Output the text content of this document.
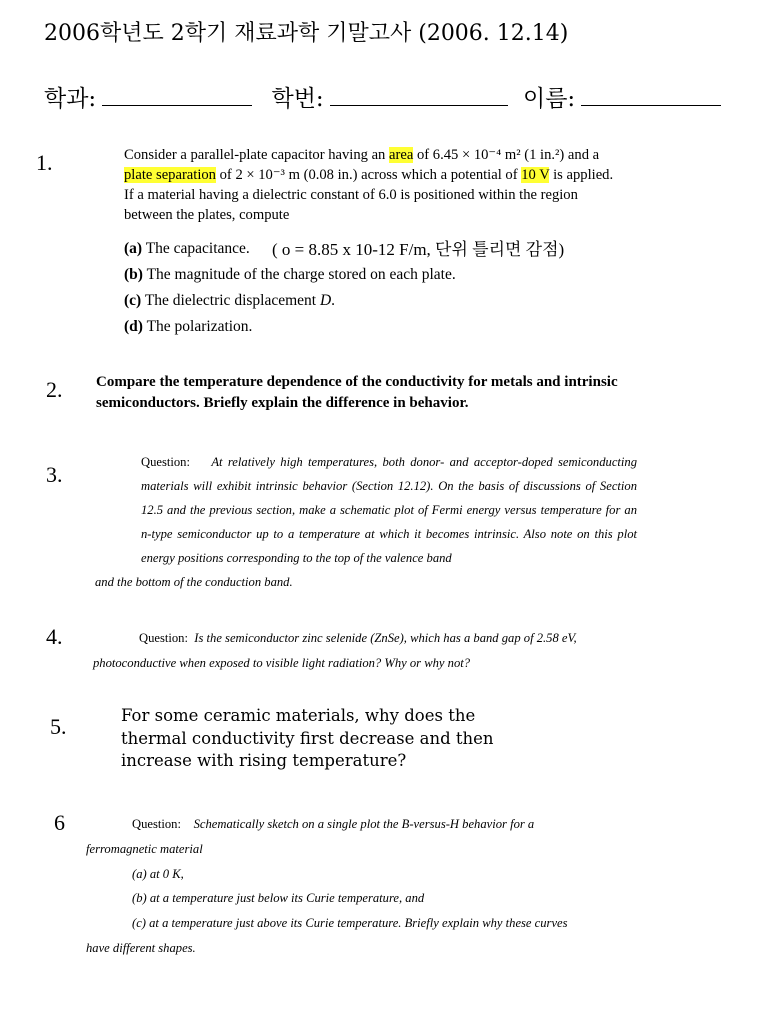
2006학년도 2학기 재료과학 기말고사 (2006. 12.14)
학과:	학번:	이름:
1.	Consider a parallel-plate capacitor having an area of 6.45 × 10⁻⁴ m² (1 in.²) and a plate separation of 2 × 10⁻³ m (0.08 in.) across which a potential of 10 V is applied. If a material having a dielectric constant of 6.0 is positioned within the region between the plates, compute
(a) The capacitance. ( o = 8.85 x 10-12 F/m, 단위 틀리면 감점)
(b) The magnitude of the charge stored on each plate.
(c) The dielectric displacement D.
(d) The polarization.
2. Compare the temperature dependence of the conductivity for metals and intrinsic semiconductors. Briefly explain the difference in behavior.
3.	Question: At relatively high temperatures, both donor- and acceptor-doped semiconducting materials will exhibit intrinsic behavior (Section 12.12). On the basis of discussions of Section 12.5 and the previous section, make a schematic plot of Fermi energy versus temperature for an n-type semiconductor up to a temperature at which it becomes intrinsic. Also note on this plot energy positions corresponding to the top of the valence band
and the bottom of the conduction band.
4.	Question: Is the semiconductor zinc selenide (ZnSe), which has a band gap of 2.58 eV,
photoconductive when exposed to visible light radiation? Why or why not?
5.	For some ceramic materials, why does the thermal conductivity first decrease and then increase with rising temperature?
6	Question: Schematically sketch on a single plot the B-versus-H behavior for a
ferromagnetic material
(a) at 0 K,
(b) at a temperature just below its Curie temperature, and
(c) at a temperature just above its Curie temperature. Briefly explain why these curves
have different shapes.
